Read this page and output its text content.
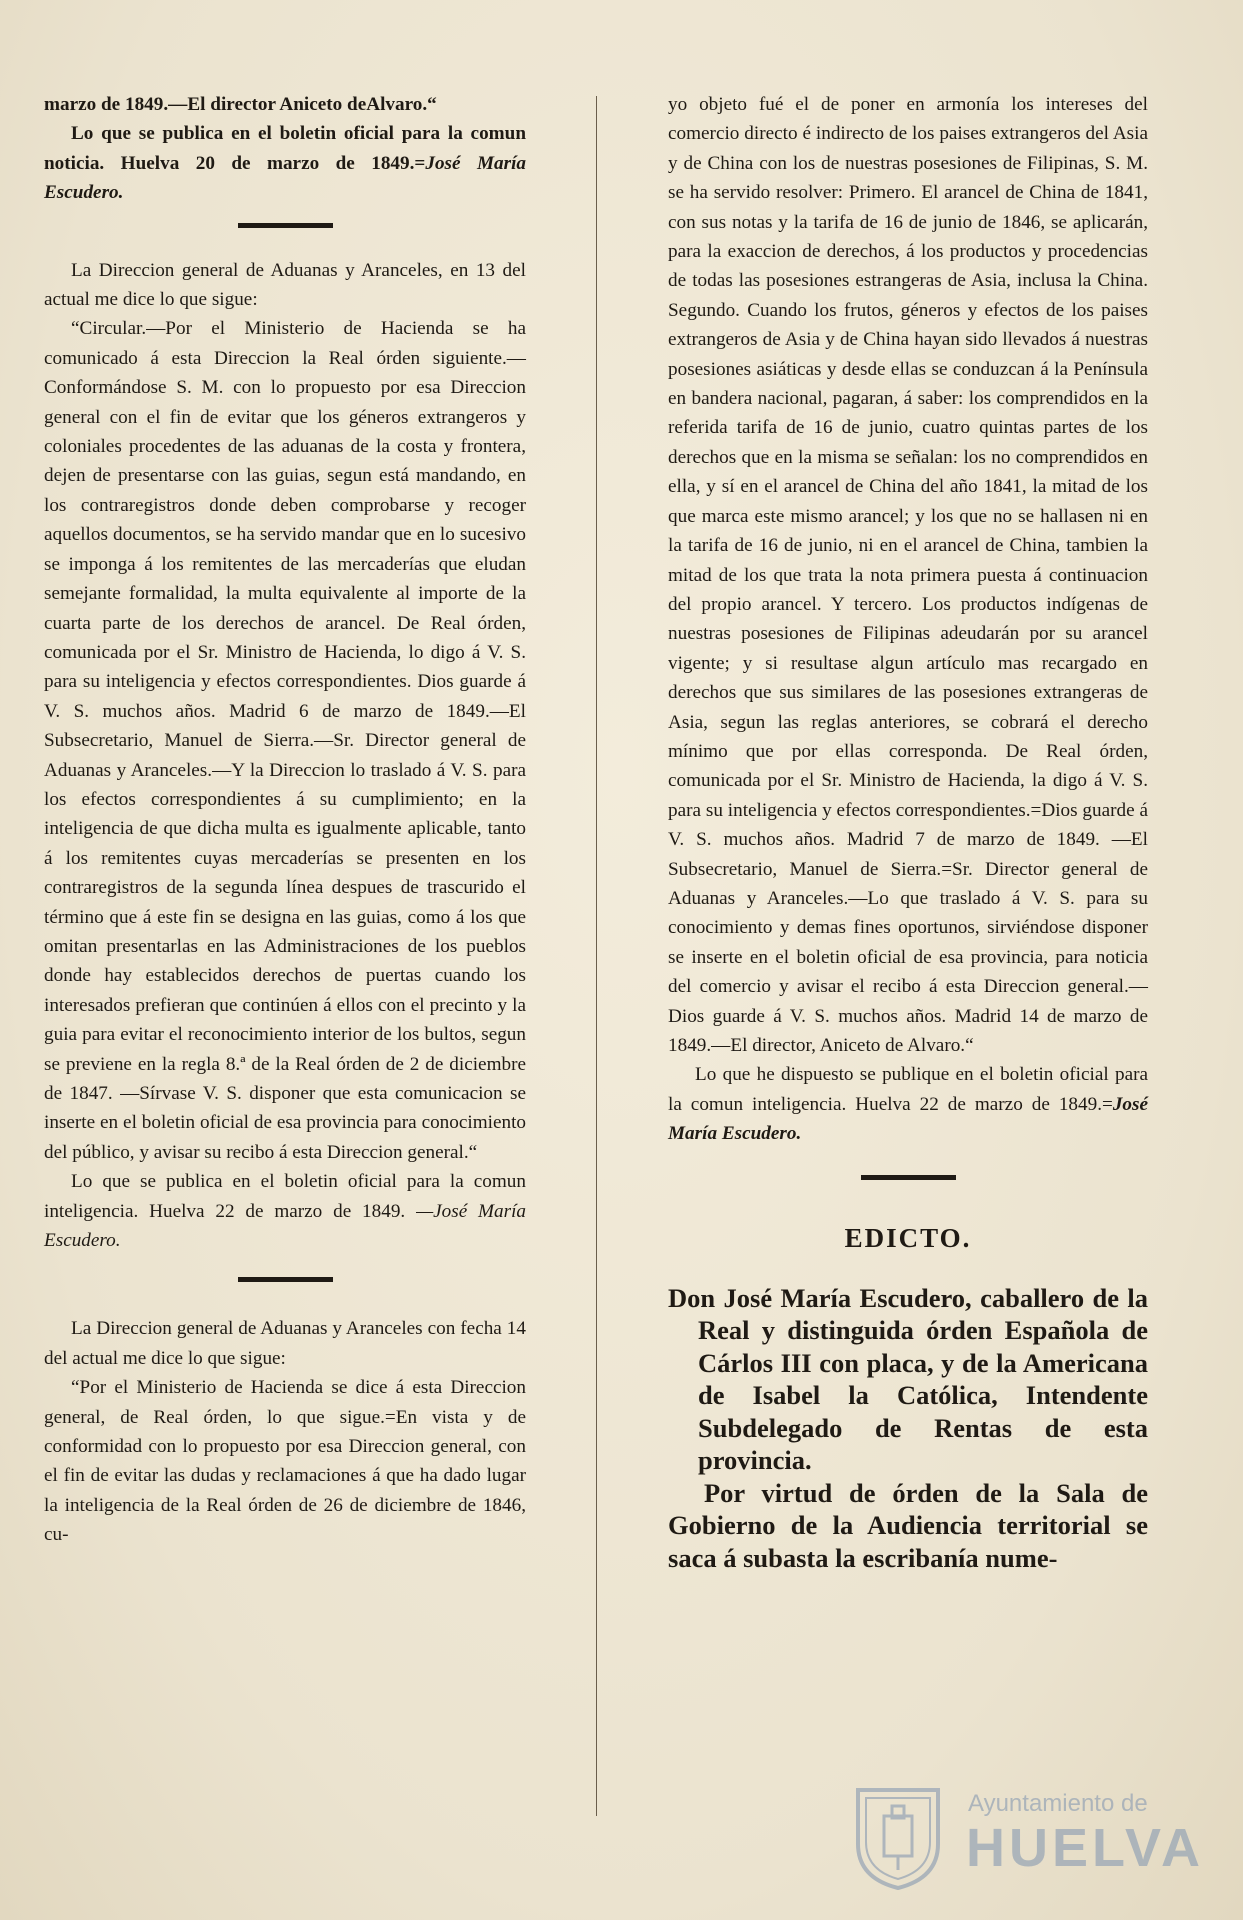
marzo de 1849.—El director Aniceto deAlvaro.“

Lo que se publica en el boletin oficial para la comun noticia. Huelva 20 de marzo de 1849.=José María Escudero.

La Direccion general de Aduanas y Aranceles, en 13 del actual me dice lo que sigue:

“Circular.—Por el Ministerio de Hacienda se ha comunicado á esta Direccion la Real órden siguiente.—Conformándose S. M. con lo propuesto por esa Direccion general con el fin de evitar que los géneros extrangeros y coloniales procedentes de las aduanas de la costa y frontera, dejen de presentarse con las guias, segun está mandando, en los contraregistros donde deben comprobarse y recoger aquellos documentos, se ha servido mandar que en lo sucesivo se imponga á los remitentes de las mercaderías que eludan semejante formalidad, la multa equivalente al importe de la cuarta parte de los derechos de arancel. De Real órden, comunicada por el Sr. Ministro de Hacienda, lo digo á V. S. para su inteligencia y efectos correspondientes. Dios guarde á V. S. muchos años. Madrid 6 de marzo de 1849.—El Subsecretario, Manuel de Sierra.—Sr. Director general de Aduanas y Aranceles.—Y la Direccion lo traslado á V. S. para los efectos correspondientes á su cumplimiento; en la inteligencia de que dicha multa es igualmente aplicable, tanto á los remitentes cuyas mercaderías se presenten en los contraregistros de la segunda línea despues de trascurido el término que á este fin se designa en las guias, como á los que omitan presentarlas en las Administraciones de los pueblos donde hay establecidos derechos de puertas cuando los interesados prefieran que continúen á ellos con el precinto y la guia para evitar el reconocimiento interior de los bultos, segun se previene en la regla 8.ª de la Real órden de 2 de diciembre de 1847. —Sírvase V. S. disponer que esta comunicacion se inserte en el boletin oficial de esa provincia para conocimiento del público, y avisar su recibo á esta Direccion general.“

Lo que se publica en el boletin oficial para la comun inteligencia. Huelva 22 de marzo de 1849. —José María Escudero.

La Direccion general de Aduanas y Aranceles con fecha 14 del actual me dice lo que sigue:

“Por el Ministerio de Hacienda se dice á esta Direccion general, de Real órden, lo que sigue.=En vista y de conformidad con lo propuesto por esa Direccion general, con el fin de evitar las dudas y reclamaciones á que ha dado lugar la inteligencia de la Real órden de 26 de diciembre de 1846, cu-

yo objeto fué el de poner en armonía los intereses del comercio directo é indirecto de los paises extrangeros del Asia y de China con los de nuestras posesiones de Filipinas, S. M. se ha servido resolver: Primero. El arancel de China de 1841, con sus notas y la tarifa de 16 de junio de 1846, se aplicarán, para la exaccion de derechos, á los productos y procedencias de todas las posesiones estrangeras de Asia, inclusa la China. Segundo. Cuando los frutos, géneros y efectos de los paises extrangeros de Asia y de China hayan sido llevados á nuestras posesiones asiáticas y desde ellas se conduzcan á la Península en bandera nacional, pagaran, á saber: los comprendidos en la referida tarifa de 16 de junio, cuatro quintas partes de los derechos que en la misma se señalan: los no comprendidos en ella, y sí en el arancel de China del año 1841, la mitad de los que marca este mismo arancel; y los que no se hallasen ni en la tarifa de 16 de junio, ni en el arancel de China, tambien la mitad de los que trata la nota primera puesta á continuacion del propio arancel. Y tercero. Los productos indígenas de nuestras posesiones de Filipinas adeudarán por su arancel vigente; y si resultase algun artículo mas recargado en derechos que sus similares de las posesiones extrangeras de Asia, segun las reglas anteriores, se cobrará el derecho mínimo que por ellas corresponda. De Real órden, comunicada por el Sr. Ministro de Hacienda, la digo á V. S. para su inteligencia y efectos correspondientes.=Dios guarde á V. S. muchos años. Madrid 7 de marzo de 1849. —El Subsecretario, Manuel de Sierra.=Sr. Director general de Aduanas y Aranceles.—Lo que traslado á V. S. para su conocimiento y demas fines oportunos, sirviéndose disponer se inserte en el boletin oficial de esa provincia, para noticia del comercio y avisar el recibo á esta Direccion general.— Dios guarde á V. S. muchos años. Madrid 14 de marzo de 1849.—El director, Aniceto de Alvaro.“

Lo que he dispuesto se publique en el boletin oficial para la comun inteligencia. Huelva 22 de marzo de 1849.=José María Escudero.

EDICTO.

Don José María Escudero, caballero de la Real y distinguida órden Española de Cárlos III con placa, y de la Americana de Isabel la Católica, Intendente Subdelegado de Rentas de esta provincia.

Por virtud de órden de la Sala de Gobierno de la Audiencia territorial se saca á subasta la escribanía nume-

Ayuntamiento de
HUELVA
